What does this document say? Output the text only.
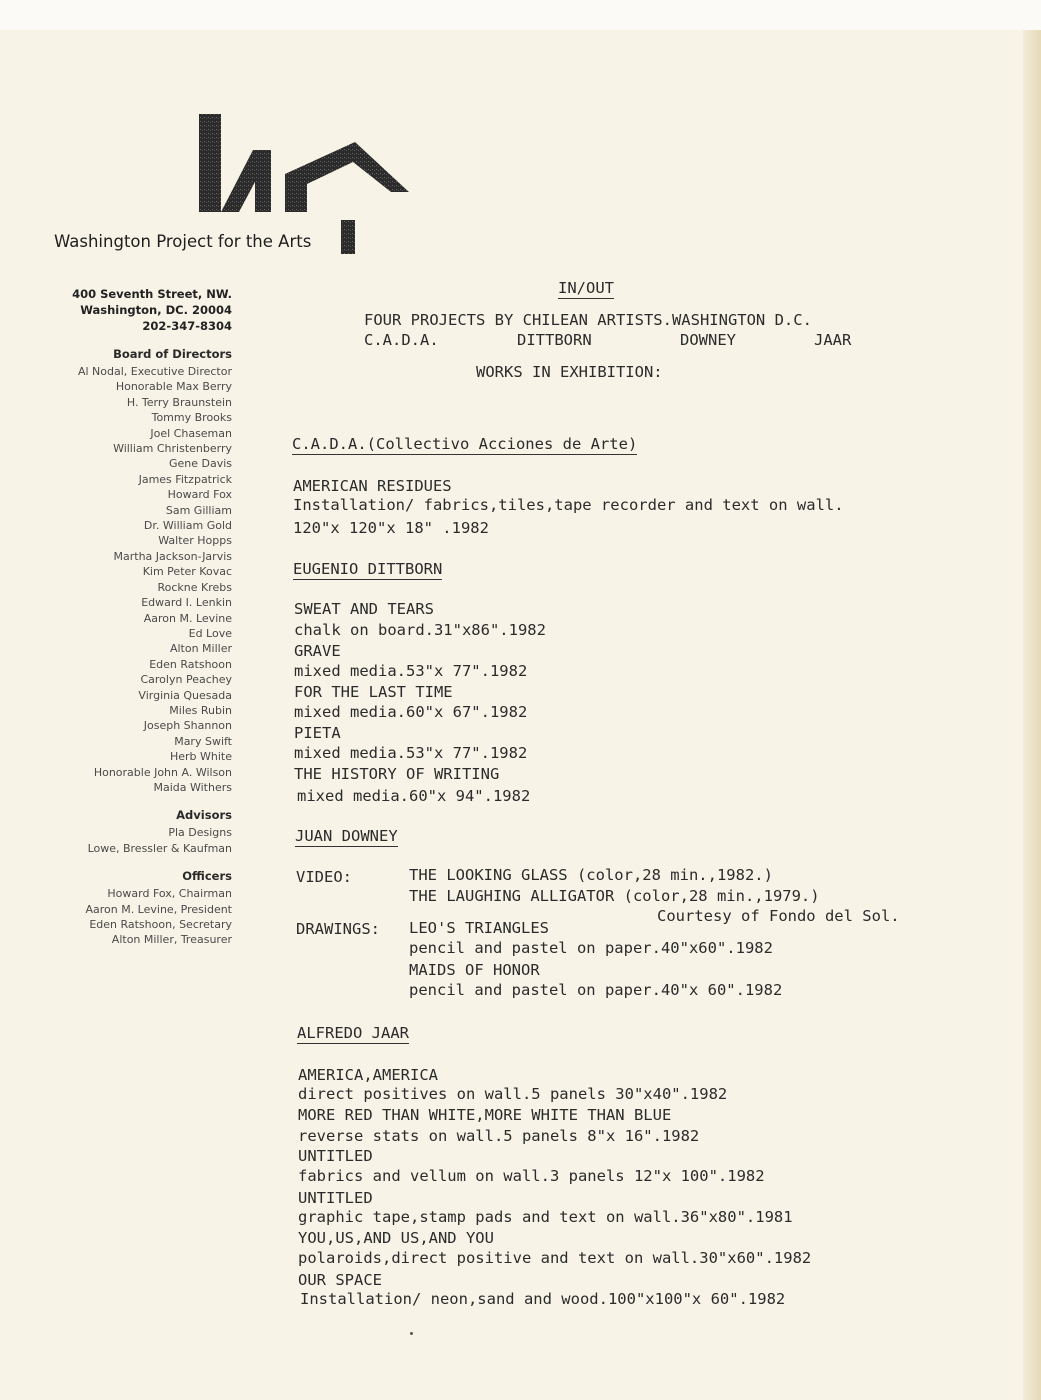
Washington Project for the Arts
400 Seventh Street, NW.
Washington, DC. 20004
202-347-8304
Board of Directors
Al Nodal, Executive Director
Honorable Max Berry
H. Terry Braunstein
Tommy Brooks
Joel Chaseman
William Christenberry
Gene Davis
James Fitzpatrick
Howard Fox
Sam Gilliam
Dr. William Gold
Walter Hopps
Martha Jackson-Jarvis
Kim Peter Kovac
Rockne Krebs
Edward I. Lenkin
Aaron M. Levine
Ed Love
Alton Miller
Eden Ratshoon
Carolyn Peachey
Virginia Quesada
Miles Rubin
Joseph Shannon
Mary Swift
Herb White
Honorable John A. Wilson
Maida Withers
Advisors
Pla Designs
Lowe, Bressler & Kaufman
Officers
Howard Fox, Chairman
Aaron M. Levine, President
Eden Ratshoon, Secretary
Alton Miller, Treasurer
IN/OUT
FOUR PROJECTS BY CHILEAN ARTISTS.WASHINGTON D.C.
C.A.D.A.	DITTBORN	DOWNEY	JAAR
WORKS IN EXHIBITION:
C.A.D.A.(Collectivo Acciones de Arte)
AMERICAN RESIDUES
Installation/ fabrics,tiles,tape recorder and text on wall.
120"x 120"x 18" .1982
EUGENIO DITTBORN
SWEAT AND TEARS
chalk on board.31"x86".1982
GRAVE
mixed media.53"x 77".1982
FOR THE LAST TIME
mixed media.60"x 67".1982
PIETA
mixed media.53"x 77".1982
THE HISTORY OF WRITING
mixed media.60"x 94".1982
JUAN DOWNEY
VIDEO:	THE LOOKING GLASS (color,28 min.,1982.)
THE LAUGHING ALLIGATOR (color,28 min.,1979.)
Courtesy of Fondo del Sol.
DRAWINGS: LEO'S TRIANGLES
pencil and pastel on paper.40"x60".1982
MAIDS OF HONOR
pencil and pastel on paper.40"x 60".1982
ALFREDO JAAR
AMERICA,AMERICA
direct positives on wall.5 panels 30"x40".1982
MORE RED THAN WHITE,MORE WHITE THAN BLUE
reverse stats on wall.5 panels 8"x 16".1982
UNTITLED
fabrics and vellum on wall.3 panels 12"x 100".1982
UNTITLED
graphic tape,stamp pads and text on wall.36"x80".1981
YOU,US,AND US,AND YOU
polaroids,direct positive and text on wall.30"x60".1982
OUR SPACE
Installation/ neon,sand and wood.100"x100"x 60".1982
